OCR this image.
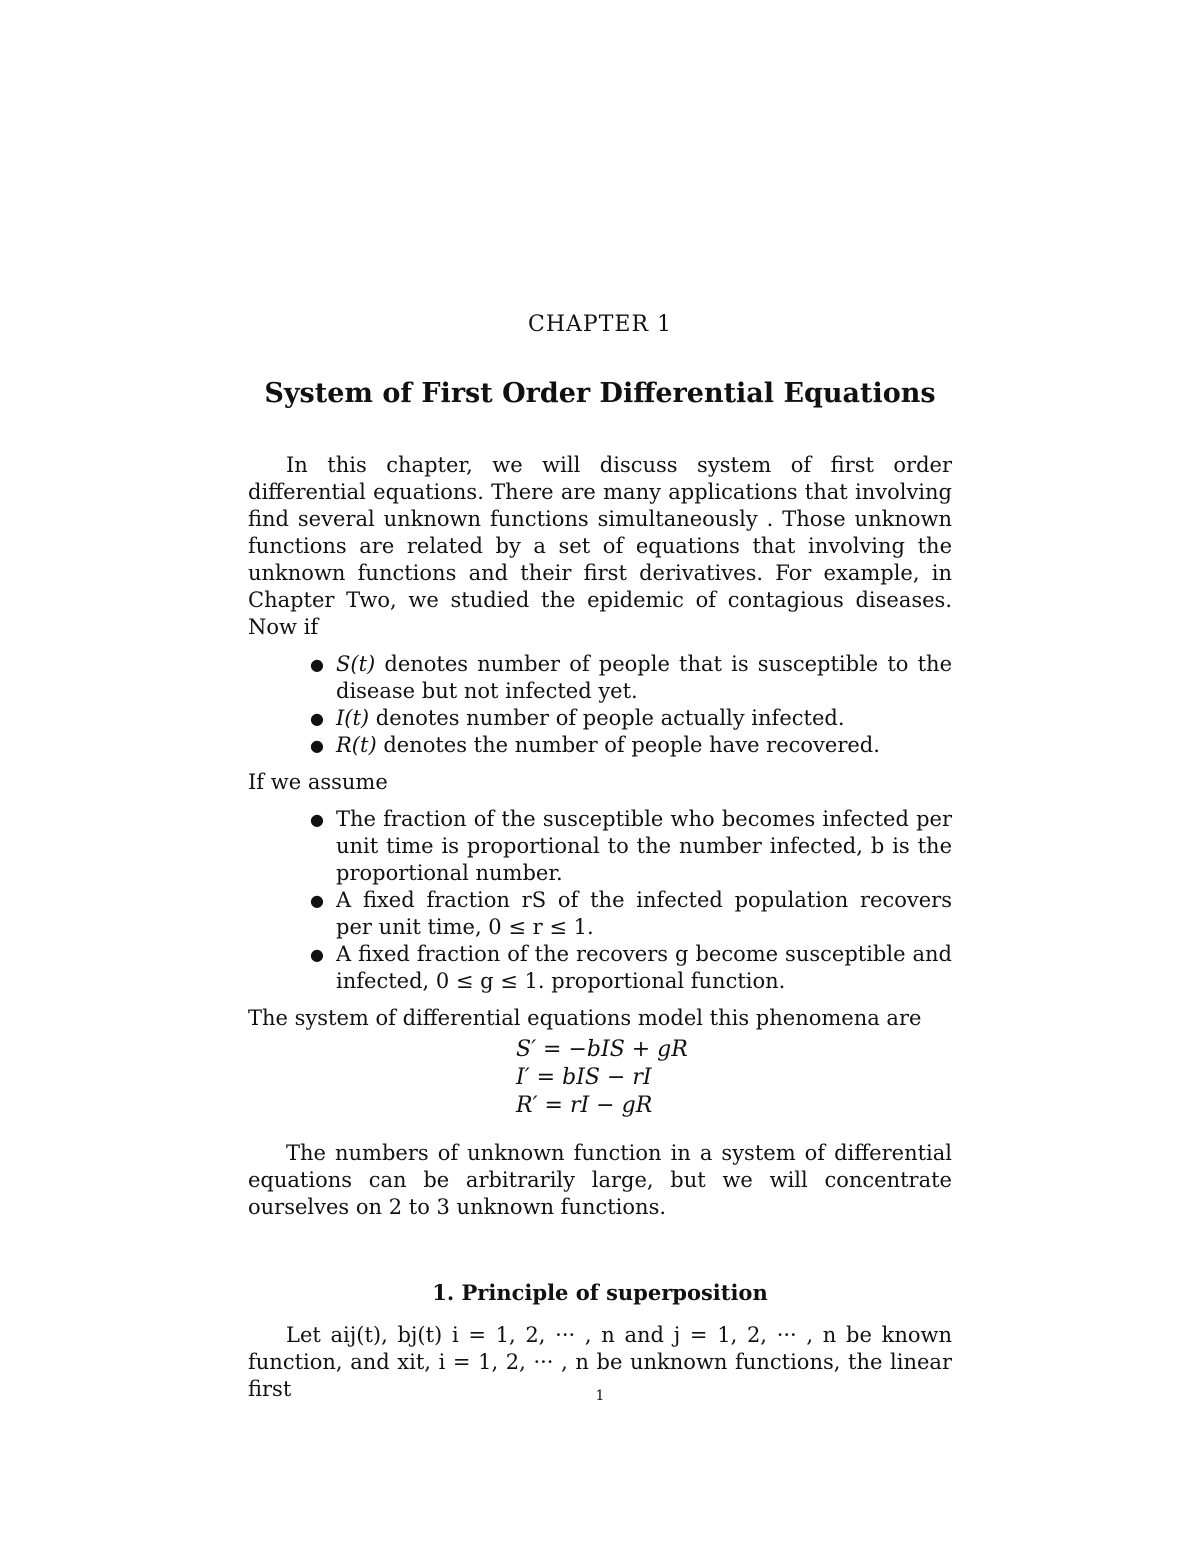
CHAPTER 1
System of First Order Differential Equations

In this chapter, we will discuss system of first order differential equations. There are many applications that involving find several unknown functions simultaneously . Those unknown functions are related by a set of equations that involving the unknown functions and their first derivatives. For example, in Chapter Two, we studied the epidemic of contagious diseases. Now if

● S(t) denotes number of people that is susceptible to the disease but not infected yet.
● I(t) denotes number of people actually infected.
● R(t) denotes the number of people have recovered.

If we assume

● The fraction of the susceptible who becomes infected per unit time is proportional to the number infected, b is the proportional number.
● A fixed fraction rS of the infected population recovers per unit time, 0 ≤ r ≤ 1.
● A fixed fraction of the recovers g become susceptible and infected, 0 ≤ g ≤ 1. proportional function.

The system of differential equations model this phenomena are

S′ = −bIS + gR
I′ = bIS − rI
R′ = rI − gR

The numbers of unknown function in a system of differential equations can be arbitrarily large, but we will concentrate ourselves on 2 to 3 unknown functions.

1. Principle of superposition

Let aij(t), bj(t) i = 1, 2, ··· , n and j = 1, 2, ··· , n be known function, and xit, i = 1, 2, ··· , n be unknown functions, the linear first	1
